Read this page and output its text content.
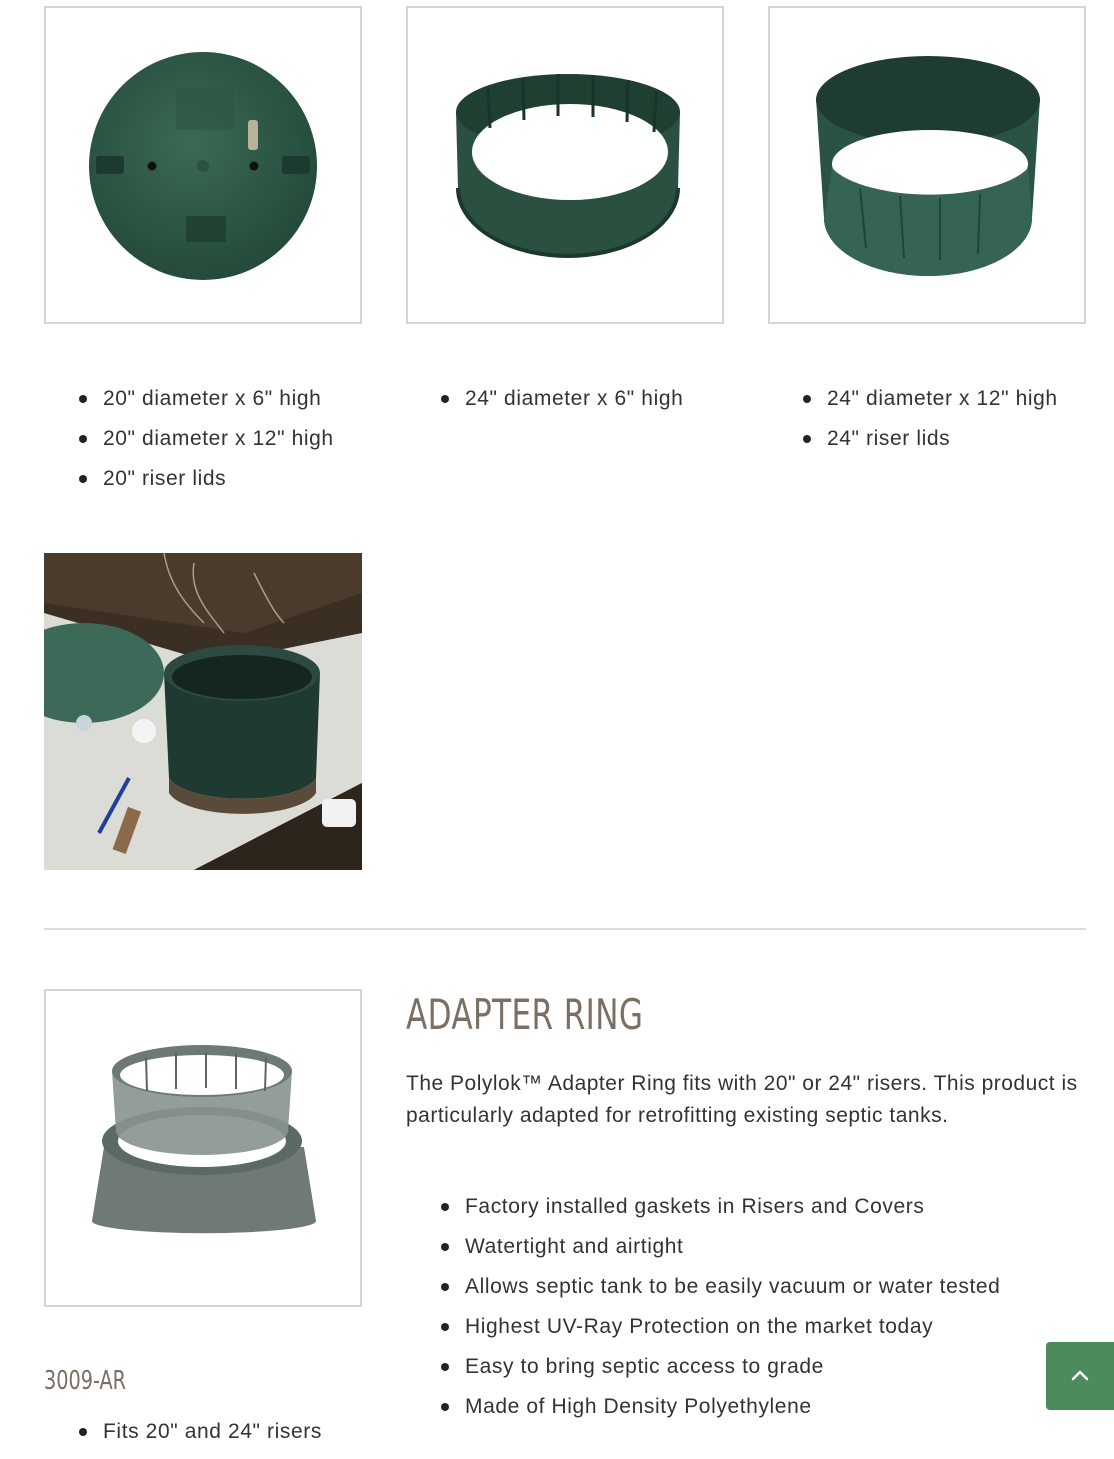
20" diameter x 6" high
20" diameter x 12" high
20" riser lids
24" diameter x 6" high	24" diameter x 12" high
24" riser lids
ADAPTER RING

The Polylok™ Adapter Ring fits with 20" or 24" risers. This product is particularly adapted for retrofitting existing septic tanks.

Factory installed gaskets in Risers and Covers
Watertight and airtight
Allows septic tank to be easily vacuum or water tested
Highest UV-Ray Protection on the market today
Easy to bring septic access to grade
Made of High Density Polyethylene
3009-AR
Fits 20" and 24" risers
